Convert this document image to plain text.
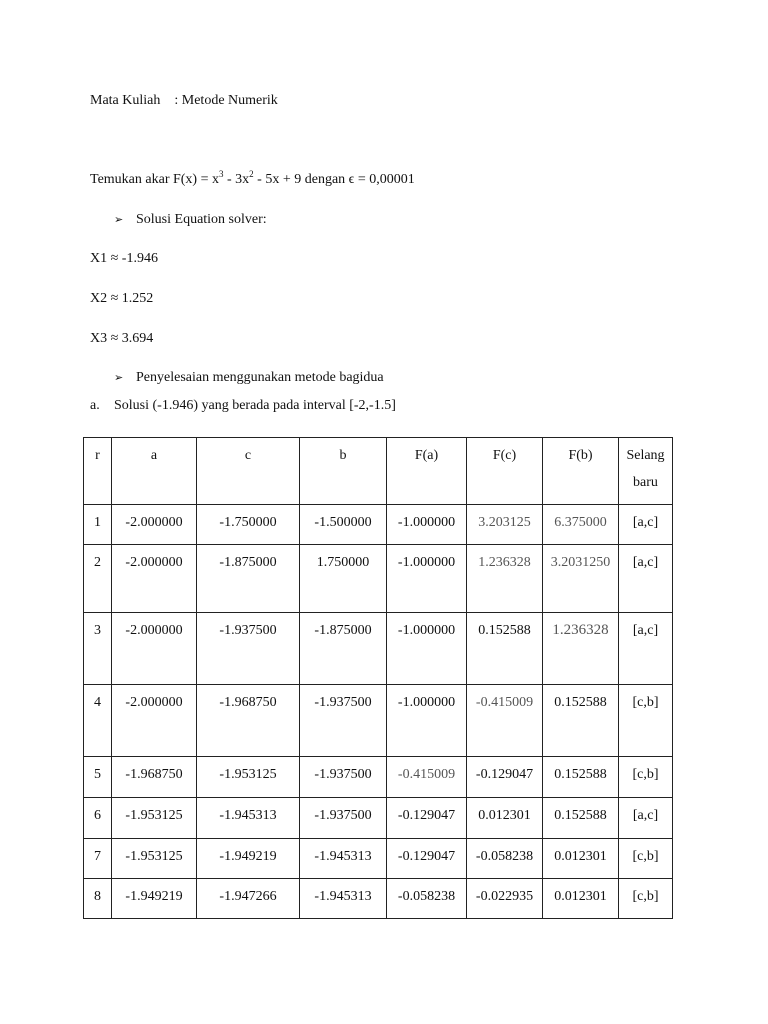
Mata Kuliah : Metode Numerik
Temukan akar $F(x) = x^3 - 3x^2 - 5x + 9$ dengan ϵ = 0,00001
➢ Solusi Equation solver:
X1 ≈ -1.946
X2 ≈ 1.252
X3 ≈ 3.694
➢ Penyelesaian menggunakan metode bagidua
a. Solusi (-1.946) yang berada pada interval [-2,-1.5]
r	a	c	b	F(a)	F(c)	F(b)	Selang baru
1	-2.000000	-1.750000	-1.500000	-1.000000	3.203125	6.375000	[a,c]
2	-2.000000	-1.875000	1.750000	-1.000000	1.236328	3.2031250	[a,c]
3	-2.000000	-1.937500	-1.875000	-1.000000	0.152588	1.236328	[a,c]
4	-2.000000	-1.968750	-1.937500	-1.000000	-0.415009	0.152588	[c,b]
5	-1.968750	-1.953125	-1.937500	-0.415009	-0.129047	0.152588	[c,b]
6	-1.953125	-1.945313	-1.937500	-0.129047	0.012301	0.152588	[a,c]
7	-1.953125	-1.949219	-1.945313	-0.129047	-0.058238	0.012301	[c,b]
8	-1.949219	-1.947266	-1.945313	-0.058238	-0.022935	0.012301	[c,b]
